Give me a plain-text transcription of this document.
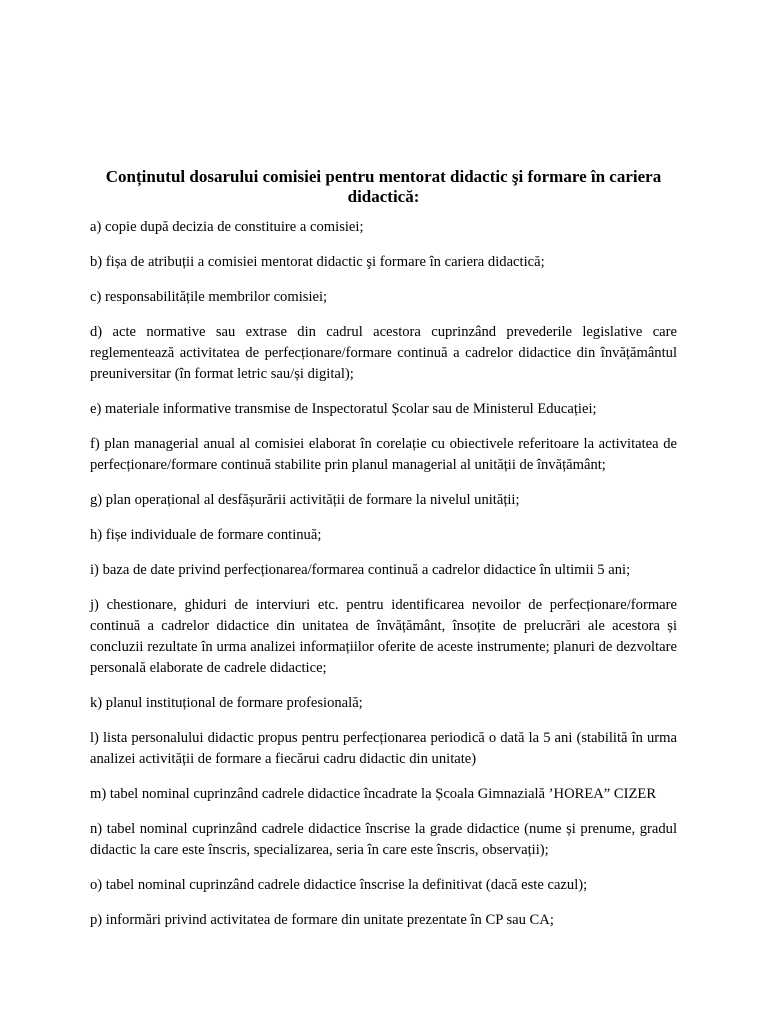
Conținutul dosarului comisiei pentru mentorat didactic şi formare în cariera didactică:
a) copie după decizia de constituire a comisiei;
b) fișa de atribuții a comisiei mentorat didactic şi formare în cariera didactică;
c) responsabilitățile membrilor comisiei;
d) acte normative sau extrase din cadrul acestora cuprinzând prevederile legislative care reglementează activitatea de perfecționare/formare continuă a cadrelor didactice din învățământul preuniversitar (în format letric sau/și digital);
e) materiale informative transmise de Inspectoratul Școlar sau de Ministerul Educației;
f) plan managerial anual al comisiei elaborat în corelație cu obiectivele referitoare la activitatea de perfecționare/formare continuă stabilite prin planul managerial al unității de învățământ;
g) plan operațional al desfășurării activității de formare la nivelul unității;
h) fișe individuale de formare continuă;
i) baza de date privind perfecționarea/formarea continuă a cadrelor didactice în ultimii 5 ani;
j) chestionare, ghiduri de interviuri etc. pentru identificarea nevoilor de perfecționare/formare continuă a cadrelor didactice din unitatea de învățământ, însoțite de prelucrări ale acestora și concluzii rezultate în urma analizei informațiilor oferite de aceste instrumente; planuri de dezvoltare personală elaborate de cadrele didactice;
k) planul instituțional de formare profesională;
l) lista personalului didactic propus pentru perfecționarea periodică o dată la 5 ani (stabilită în urma analizei activității de formare a fiecărui cadru didactic din unitate)
m) tabel nominal cuprinzând cadrele didactice încadrate la Școala Gimnazială ’HOREA” CIZER
n) tabel nominal cuprinzând cadrele didactice înscrise la grade didactice (nume și prenume, gradul didactic la care este înscris, specializarea, seria în care este înscris, observații);
o) tabel nominal cuprinzând cadrele didactice înscrise la definitivat (dacă este cazul);
p) informări privind activitatea de formare din unitate prezentate în CP sau CA;
